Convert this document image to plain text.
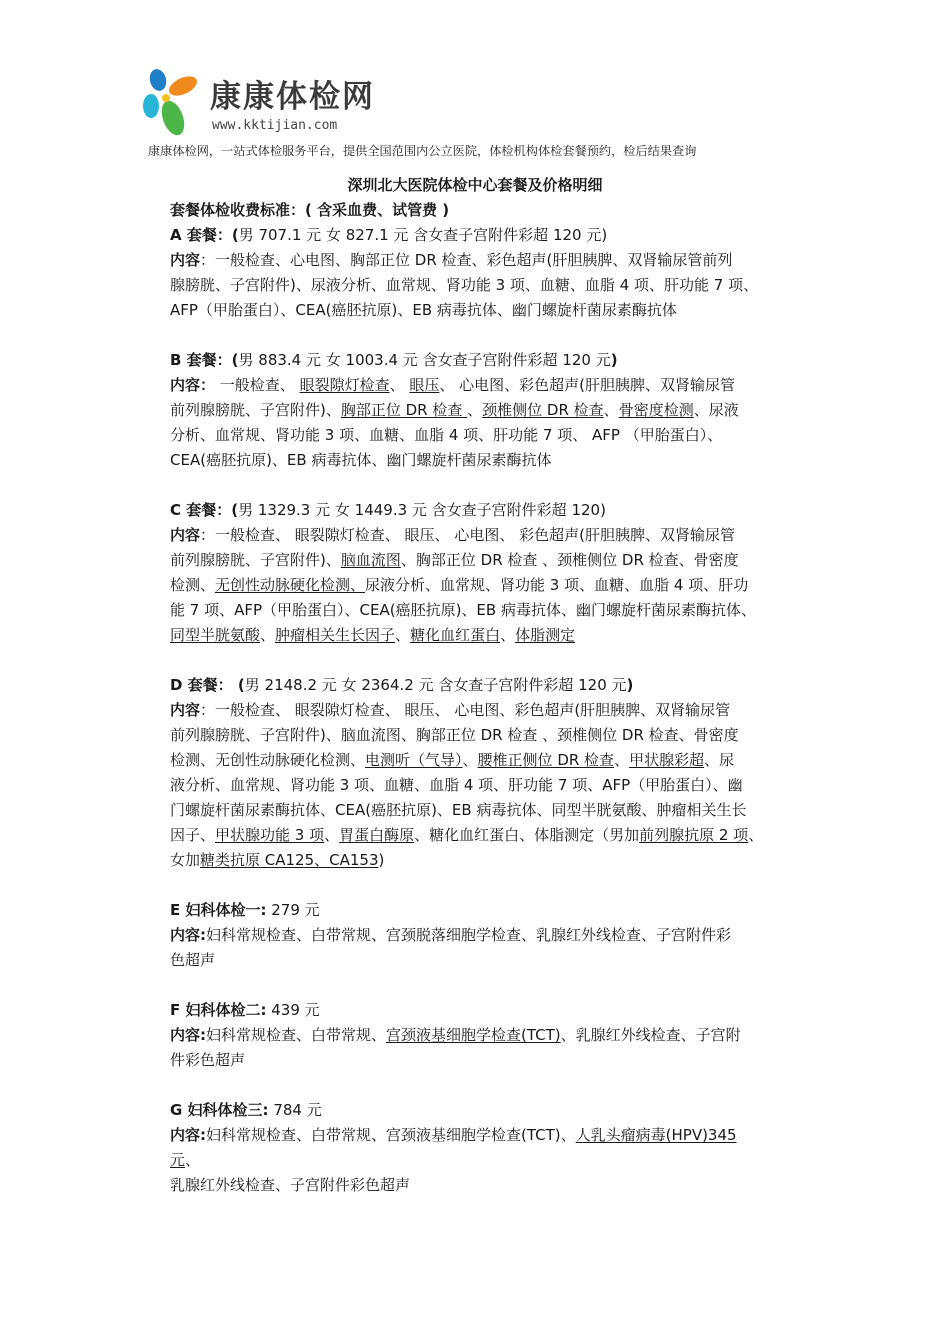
康康体检网
www.kktijian.com
康康体检网，一站式体检服务平台，提供全国范围内公立医院，体检机构体检套餐预约，检后结果查询
深圳北大医院体检中心套餐及价格明细
套餐体检收费标准：( 含采血费、试管费 )
A 套餐：(男 707.1 元 女 827.1 元 含女查子宫附件彩超 120 元)
内容：一般检查、心电图、胸部正位 DR 检查、彩色超声(肝胆胰脾、双肾输尿管前列
腺膀胱、子宫附件)、尿液分析、血常规、肾功能 3 项、血糖、血脂 4 项、肝功能 7 项、
AFP（甲胎蛋白）、CEA(癌胚抗原)、EB 病毒抗体、幽门螺旋杆菌尿素酶抗体
B 套餐：(男 883.4 元 女 1003.4 元 含女查子宫附件彩超 120 元)
内容： 一般检查、 眼裂隙灯检查、 眼压、 心电图、彩色超声(肝胆胰脾、双肾输尿管
前列腺膀胱、子宫附件)、胸部正位 DR 检查 、颈椎侧位 DR 检查、骨密度检测、尿液
分析、血常规、肾功能 3 项、血糖、血脂 4 项、肝功能 7 项、 AFP （甲胎蛋白）、
CEA(癌胚抗原)、EB 病毒抗体、幽门螺旋杆菌尿素酶抗体
C 套餐：(男 1329.3 元 女 1449.3 元 含女查子宫附件彩超 120)
内容：一般检查、 眼裂隙灯检查、 眼压、 心电图、 彩色超声(肝胆胰脾、双肾输尿管
前列腺膀胱、子宫附件)、脑血流图、胸部正位 DR 检查 、颈椎侧位 DR 检查、骨密度
检测、无创性动脉硬化检测、尿液分析、血常规、肾功能 3 项、血糖、血脂 4 项、肝功
能 7 项、AFP（甲胎蛋白）、CEA(癌胚抗原)、EB 病毒抗体、幽门螺旋杆菌尿素酶抗体、
同型半胱氨酸、肿瘤相关生长因子、糖化血红蛋白、体脂测定
D 套餐： (男 2148.2 元 女 2364.2 元 含女查子宫附件彩超 120 元)
内容：一般检查、 眼裂隙灯检查、 眼压、 心电图、彩色超声(肝胆胰脾、双肾输尿管
前列腺膀胱、子宫附件)、脑血流图、胸部正位 DR 检查 、颈椎侧位 DR 检查、骨密度
检测、无创性动脉硬化检测、电测听（气导）、腰椎正侧位 DR 检查、甲状腺彩超、尿
液分析、血常规、肾功能 3 项、血糖、血脂 4 项、肝功能 7 项、AFP（甲胎蛋白）、幽
门螺旋杆菌尿素酶抗体、CEA(癌胚抗原)、EB 病毒抗体、同型半胱氨酸、肿瘤相关生长
因子、甲状腺功能 3 项、胃蛋白酶原、糖化血红蛋白、体脂测定（男加前列腺抗原 2 项、
女加糖类抗原 CA125、CA153)
E 妇科体检一: 279 元
内容:妇科常规检查、白带常规、宫颈脱落细胞学检查、乳腺红外线检查、子宫附件彩
色超声
F 妇科体检二: 439 元
内容:妇科常规检查、白带常规、宫颈液基细胞学检查(TCT)、乳腺红外线检查、子宫附
件彩色超声
G 妇科体检三: 784 元
内容:妇科常规检查、白带常规、宫颈液基细胞学检查(TCT)、人乳头瘤病毒(HPV)345
元、
乳腺红外线检查、子宫附件彩色超声
